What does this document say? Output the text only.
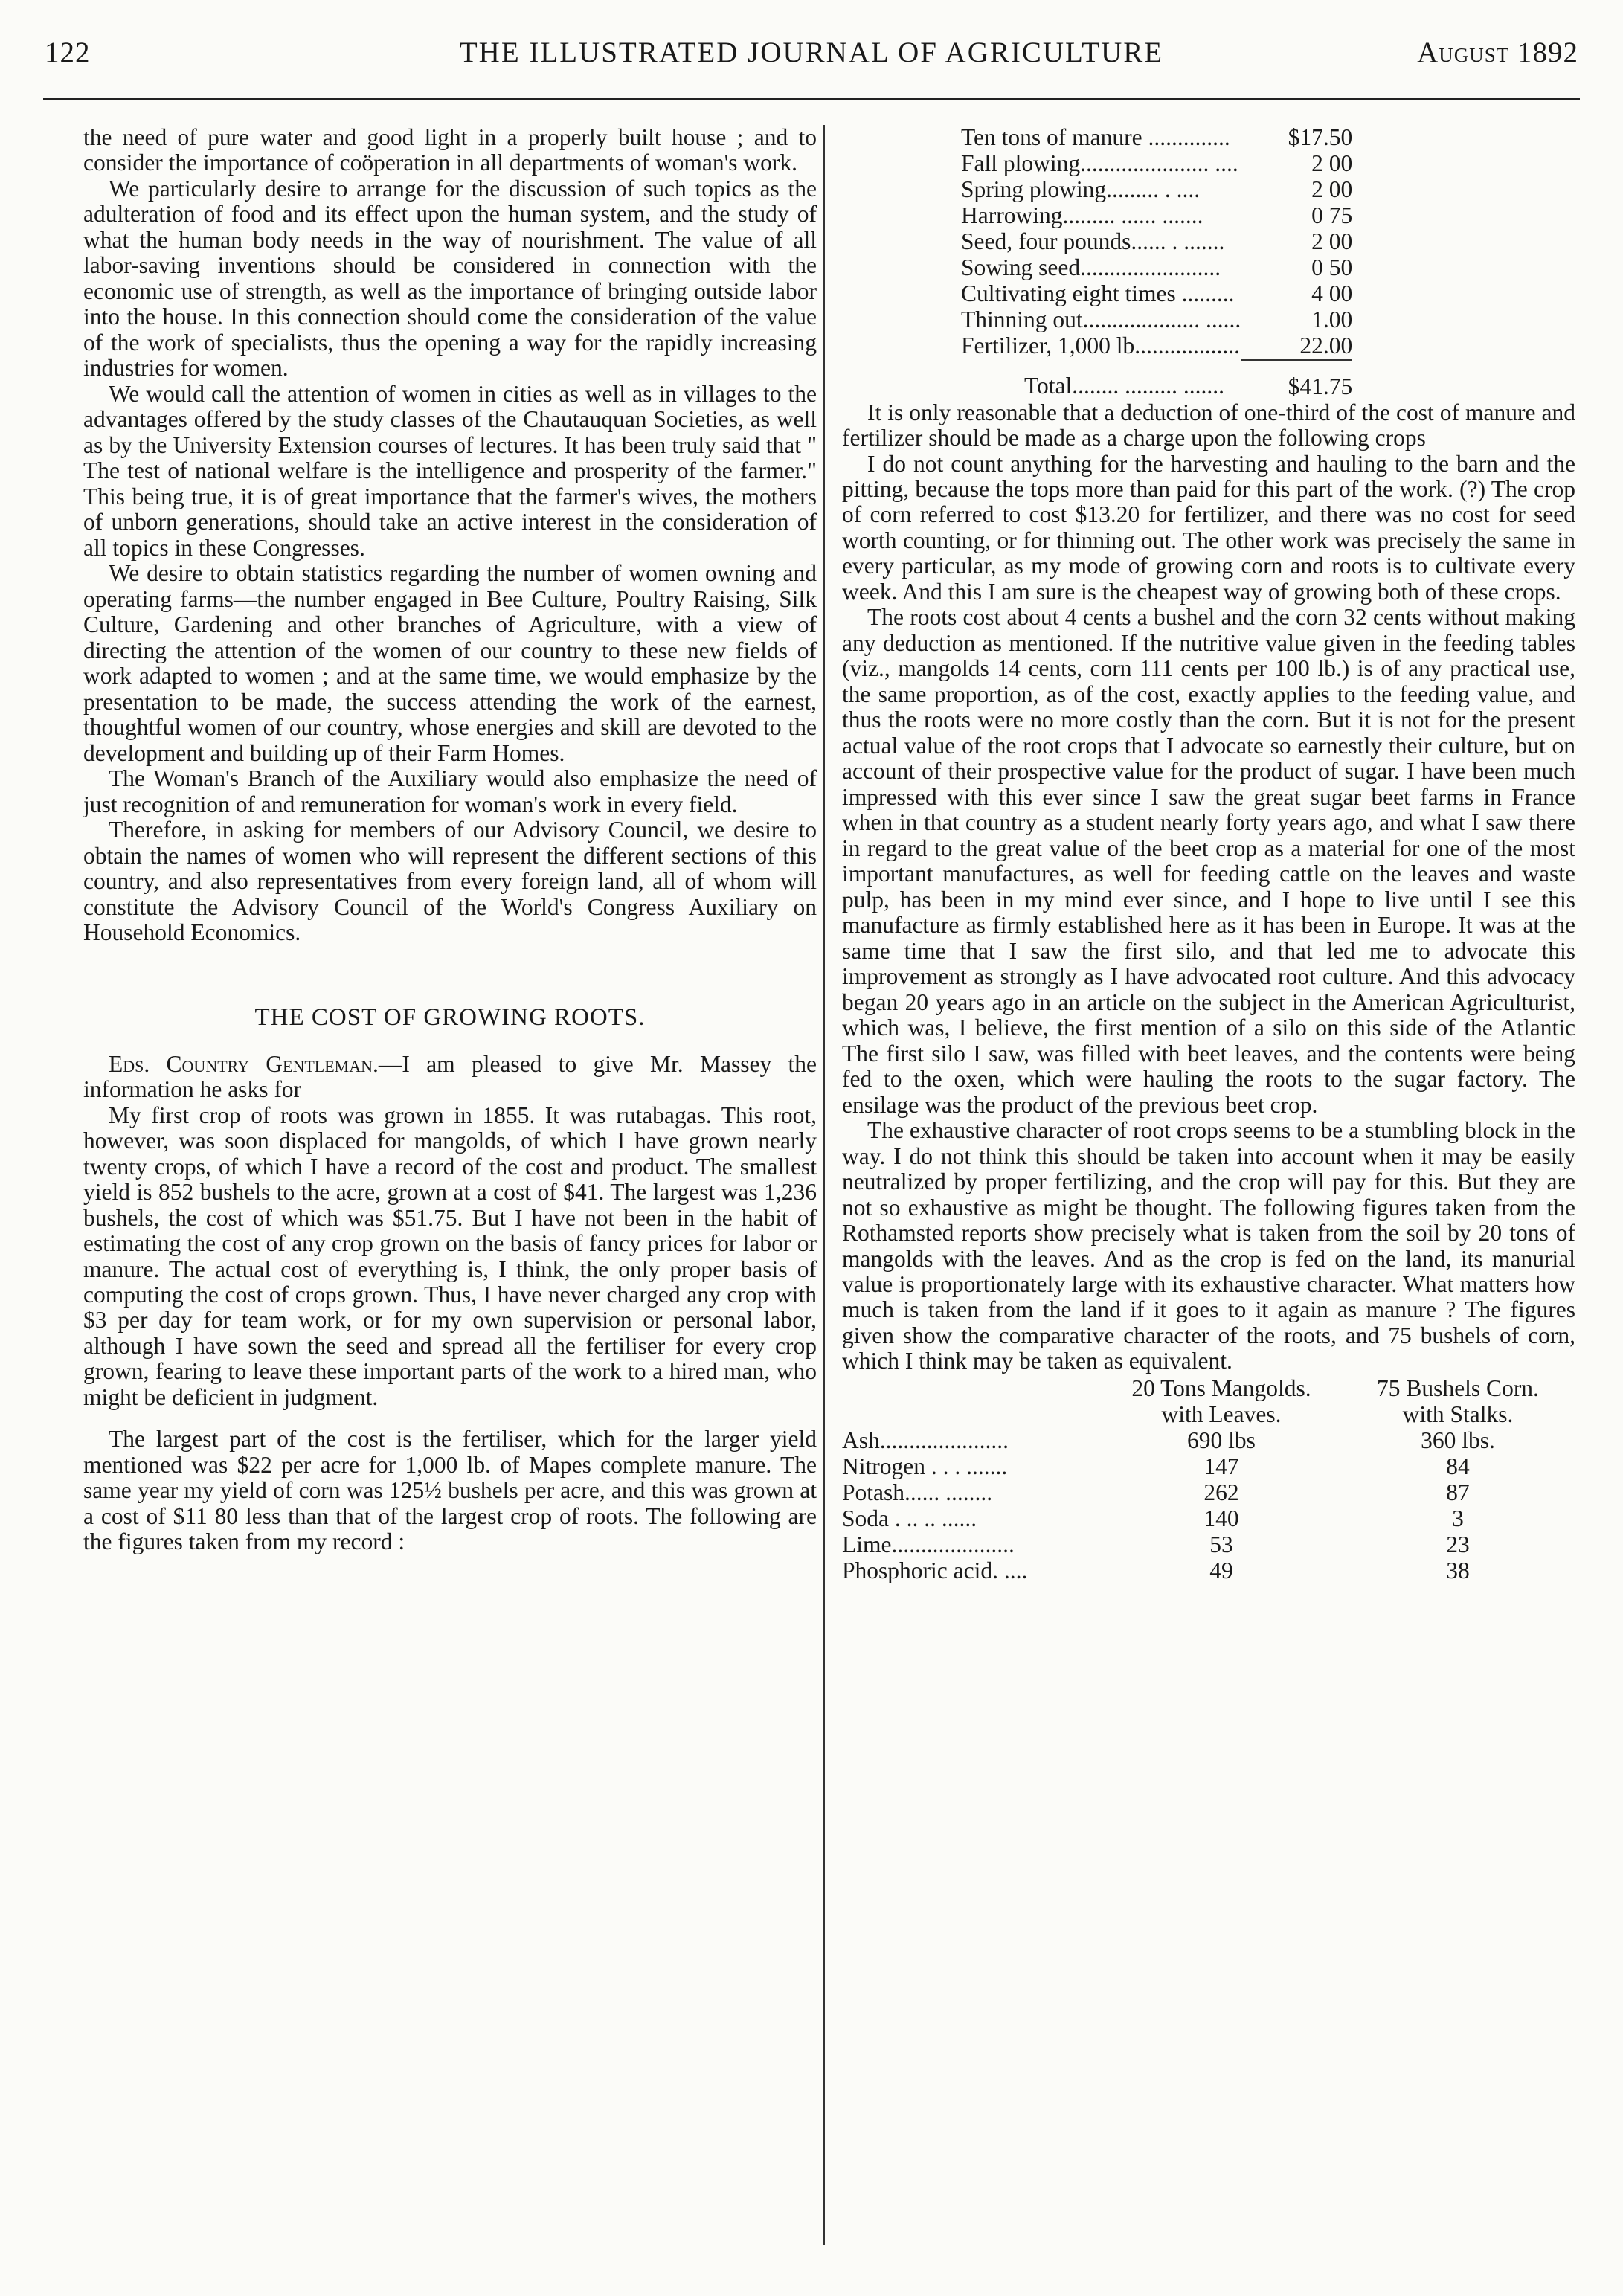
122	THE ILLUSTRATED JOURNAL OF AGRICULTURE	August 1892

the need of pure water and good light in a properly built house ; and to consider the importance of coöperation in all departments of woman's work.

We particularly desire to arrange for the discussion of such topics as the adulteration of food and its effect upon the human system, and the study of what the human body needs in the way of nourishment. The value of all labor-saving inventions should be considered in connection with the economic use of strength, as well as the importance of bringing outside labor into the house. In this connection should come the consideration of the value of the work of specialists, thus the opening a way for the rapidly increasing industries for women.

We would call the attention of women in cities as well as in villages to the advantages offered by the study classes of the Chautauquan Societies, as well as by the University Extension courses of lectures. It has been truly said that " The test of national welfare is the intelligence and prosperity of the farmer." This being true, it is of great importance that the farmer's wives, the mothers of unborn generations, should take an active interest in the consideration of all topics in these Congresses.

We desire to obtain statistics regarding the number of women owning and operating farms—the number engaged in Bee Culture, Poultry Raising, Silk Culture, Gardening and other branches of Agriculture, with a view of directing the attention of the women of our country to these new fields of work adapted to women ; and at the same time, we would emphasize by the presentation to be made, the success attending the work of the earnest, thoughtful women of our country, whose energies and skill are devoted to the development and building up of their Farm Homes.

The Woman's Branch of the Auxiliary would also emphasize the need of just recognition of and remuneration for woman's work in every field.

Therefore, in asking for members of our Advisory Council, we desire to obtain the names of women who will represent the different sections of this country, and also representatives from every foreign land, all of whom will constitute the Advisory Council of the World's Congress Auxiliary on Household Economics.

THE COST OF GROWING ROOTS.

Eds. Country Gentleman.—I am pleased to give Mr. Massey the information he asks for

My first crop of roots was grown in 1855. It was rutabagas. This root, however, was soon displaced for mangolds, of which I have grown nearly twenty crops, of which I have a record of the cost and product. The smallest yield is 852 bushels to the acre, grown at a cost of $41. The largest was 1,236 bushels, the cost of which was $51.75. But I have not been in the habit of estimating the cost of any crop grown on the basis of fancy prices for labor or manure. The actual cost of everything is, I think, the only proper basis of computing the cost of crops grown. Thus, I have never charged any crop with $3 per day for team work, or for my own supervision or personal labor, although I have sown the seed and spread all the fertiliser for every crop grown, fearing to leave these important parts of the work to a hired man, who might be deficient in judgment.

The largest part of the cost is the fertiliser, which for the larger yield mentioned was $22 per acre for 1,000 lb. of Mapes complete manure. The same year my yield of corn was 125½ bushels per acre, and this was grown at a cost of $11 80 less than that of the largest crop of roots. The following are the figures taken from my record :

Ten tons of manure ..............	$17.50
Fall plowing...................... ....	2 00
Spring plowing......... . ....	2 00
Harrowing......... ...... .......	0 75
Seed, four pounds...... . .......	2 00
Sowing seed........................	0 50
Cultivating eight times .........	4 00
Thinning out.................... ......	1.00
Fertilizer, 1,000 lb..................	22.00
Total........ ......... .......	$41.75

It is only reasonable that a deduction of one-third of the cost of manure and fertilizer should be made as a charge upon the following crops

I do not count anything for the harvesting and hauling to the barn and the pitting, because the tops more than paid for this part of the work. (?) The crop of corn referred to cost $13.20 for fertilizer, and there was no cost for seed worth counting, or for thinning out. The other work was precisely the same in every particular, as my mode of growing corn and roots is to cultivate every week. And this I am sure is the cheapest way of growing both of these crops.

The roots cost about 4 cents a bushel and the corn 32 cents without making any deduction as mentioned. If the nutritive value given in the feeding tables (viz., mangolds 14 cents, corn 111 cents per 100 lb.) is of any practical use, the same proportion, as of the cost, exactly applies to the feeding value, and thus the roots were no more costly than the corn. But it is not for the present actual value of the root crops that I advocate so earnestly their culture, but on account of their prospective value for the product of sugar. I have been much impressed with this ever since I saw the great sugar beet farms in France when in that country as a student nearly forty years ago, and what I saw there in regard to the great value of the beet crop as a material for one of the most important manufactures, as well for feeding cattle on the leaves and waste pulp, has been in my mind ever since, and I hope to live until I see this manufacture as firmly established here as it has been in Europe. It was at the same time that I saw the first silo, and that led me to advocate this improvement as strongly as I have advocated root culture. And this advocacy began 20 years ago in an article on the subject in the American Agriculturist, which was, I believe, the first mention of a silo on this side of the Atlantic The first silo I saw, was filled with beet leaves, and the contents were being fed to the oxen, which were hauling the roots to the sugar factory. The ensilage was the product of the previous beet crop.

The exhaustive character of root crops seems to be a stumbling block in the way. I do not think this should be taken into account when it may be easily neutralized by proper fertilizing, and the crop will pay for this. But they are not so exhaustive as might be thought. The following figures taken from the Rothamsted reports show precisely what is taken from the soil by 20 tons of mangolds with the leaves. And as the crop is fed on the land, its manurial value is proportionately large with its exhaustive character. What matters how much is taken from the land if it goes to it again as manure ? The figures given show the comparative character of the roots, and 75 bushels of corn, which I think may be taken as equivalent.

	20 Tons Mangolds.	75 Bushels Corn.
	with Leaves.	with Stalks.
Ash......................	690 lbs	360 lbs.
Nitrogen . . . .......	147	84
Potash...... ........	262	87
Soda . .. .. ......	140	3
Lime.....................	53	23
Phosphoric acid. ....	49	38
